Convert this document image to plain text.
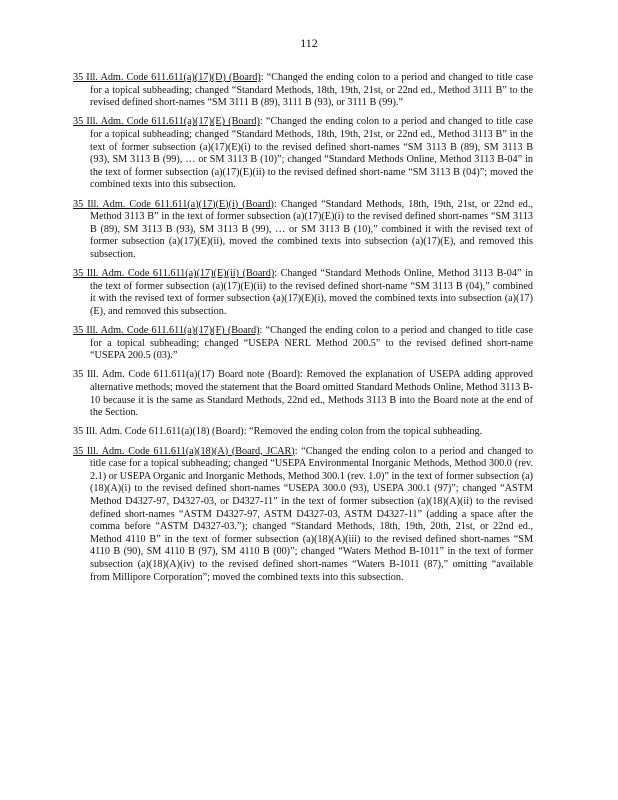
112

35 Ill. Adm. Code 611.611(a)(17)(D) (Board): “Changed the ending colon to a period and changed to title case for a topical subheading; changed “Standard Methods, 18th, 19th, 21st, or 22nd ed., Method 3111 B” to the revised defined short-names “SM 3111 B (89), 3111 B (93), or 3111 B (99).”

35 Ill. Adm. Code 611.611(a)(17)(E) (Board): “Changed the ending colon to a period and changed to title case for a topical subheading; changed “Standard Methods, 18th, 19th, 21st, or 22nd ed., Method 3113 B” in the text of former subsection (a)(17)(E)(i) to the revised defined short-names “SM 3113 B (89), SM 3113 B (93), SM 3113 B (99), … or SM 3113 B (10)”; changed “Standard Methods Online, Method 3113 B-04” in the text of former subsection (a)(17)(E)(ii) to the revised defined short-name “SM 3113 B (04)”; moved the combined texts into this subsection.

35 Ill. Adm. Code 611.611(a)(17)(E)(i) (Board): Changed “Standard Methods, 18th, 19th, 21st, or 22nd ed., Method 3113 B” in the text of former subsection (a)(17)(E)(i) to the revised defined short-names “SM 3113 B (89), SM 3113 B (93), SM 3113 B (99), … or SM 3113 B (10),” combined it with the revised text of former subsection (a)(17)(E)(ii), moved the combined texts into subsection (a)(17)(E), and removed this subsection.

35 Ill. Adm. Code 611.611(a)(17)(E)(ii) (Board): Changed “Standard Methods Online, Method 3113 B-04” in the text of former subsection (a)(17)(E)(ii) to the revised defined short-name “SM 3113 B (04),” combined it with the revised text of former subsection (a)(17)(E)(i), moved the combined texts into subsection (a)(17)(E), and removed this subsection.

35 Ill. Adm. Code 611.611(a)(17)(F) (Board): “Changed the ending colon to a period and changed to title case for a topical subheading; changed “USEPA NERL Method 200.5” to the revised defined short-name “USEPA 200.5 (03).”

35 Ill. Adm. Code 611.611(a)(17) Board note (Board): Removed the explanation of USEPA adding approved alternative methods; moved the statement that the Board omitted Standard Methods Online, Method 3113 B-10 because it is the same as Standard Methods, 22nd ed., Methods 3113 B into the Board note at the end of the Section.

35 Ill. Adm. Code 611.611(a)(18) (Board): “Removed the ending colon from the topical subheading.

35 Ill. Adm. Code 611.611(a)(18)(A) (Board, JCAR): “Changed the ending colon to a period and changed to title case for a topical subheading; changed “USEPA Environmental Inorganic Methods, Method 300.0 (rev. 2.1) or USEPA Organic and Inorganic Methods, Method 300.1 (rev. 1.0)” in the text of former subsection (a)(18)(A)(i) to the revised defined short-names “USEPA 300.0 (93), USEPA 300.1 (97)”; changed “ASTM Method D4327-97, D4327-03, or D4327-11” in the text of former subsection (a)(18)(A)(ii) to the revised defined short-names “ASTM D4327-97, ASTM D4327-03, ASTM D4327-11” (adding a space after the comma before “ASTM D4327-03.”); changed “Standard Methods, 18th, 19th, 20th, 21st, or 22nd ed., Method 4110 B” in the text of former subsection (a)(18)(A)(iii) to the revised defined short-names “SM 4110 B (90), SM 4110 B (97), SM 4110 B (00)”; changed “Waters Method B-1011” in the text of former subsection (a)(18)(A)(iv) to the revised defined short-names “Waters B-1011 (87),” omitting “available from Millipore Corporation”; moved the combined texts into this subsection.
